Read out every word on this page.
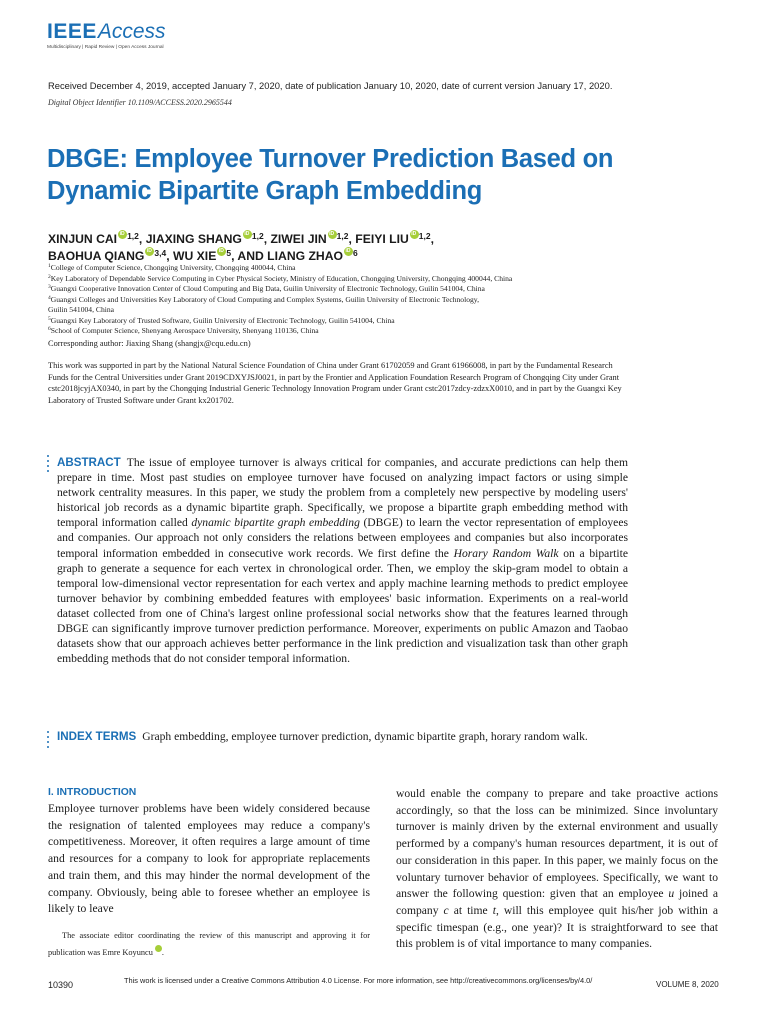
IEEEAccess
Multidisciplinary | Rapid Review | Open Access Journal
Received December 4, 2019, accepted January 7, 2020, date of publication January 10, 2020, date of current version January 17, 2020.
Digital Object Identifier 10.1109/ACCESS.2020.2965544
DBGE: Employee Turnover Prediction Based on
Dynamic Bipartite Graph Embedding
XINJUN CAI iD $^{1,2}$, JIAXING SHANG iD $^{1,2}$, ZIWEI JIN iD $^{1,2}$, FEIYI LIU iD $^{1,2}$,
BAOHUA QIANG iD $^{3,4}$, WU XIE iD $^5$, AND LIANG ZHAO iD $^6$
$^1$College of Computer Science, Chongqing University, Chongqing 400044, China
$^2$Key Laboratory of Dependable Service Computing in Cyber Physical Society, Ministry of Education, Chongqing University, Chongqing 400044, China
$^3$Guangxi Cooperative Innovation Center of Cloud Computing and Big Data, Guilin University of Electronic Technology, Guilin 541004, China
$^4$Guangxi Colleges and Universities Key Laboratory of Cloud Computing and Complex Systems, Guilin University of Electronic Technology,
Guilin 541004, China
$^5$Guangxi Key Laboratory of Trusted Software, Guilin University of Electronic Technology, Guilin 541004, China
$^6$School of Computer Science, Shenyang Aerospace University, Shenyang 110136, China
Corresponding author: Jiaxing Shang (shangjx@cqu.edu.cn)
This work was supported in part by the National Natural Science Foundation of China under Grant 61702059 and Grant 61966008, in part by the Fundamental Research Funds for the Central Universities under Grant 2019CDXYJSJ0021, in part by the Frontier and Application Foundation Research Program of Chongqing City under Grant cstc2018jcyjAX0340, in part by the Chongqing Industrial Generic Technology Innovation Program under Grant cstc2017zdcy-zdzxX0010, and in part by the Guangxi Key Laboratory of Trusted Software under Grant kx201702.
ABSTRACT The issue of employee turnover is always critical for companies, and accurate predictions can help them prepare in time. Most past studies on employee turnover have focused on analyzing impact factors or using simple network centrality measures. In this paper, we study the problem from a completely new perspective by modeling users' historical job records as a dynamic bipartite graph. Specifically, we propose a bipartite graph embedding method with temporal information called dynamic bipartite graph embedding (DBGE) to learn the vector representation of employees and companies. Our approach not only considers the relations between employees and companies but also incorporates temporal information embedded in consecutive work records. We first define the Horary Random Walk on a bipartite graph to generate a sequence for each vertex in chronological order. Then, we employ the skip-gram model to obtain a temporal low-dimensional vector representation for each vertex and apply machine learning methods to predict employee turnover behavior by combining embedded features with employees' basic information. Experiments on a real-world dataset collected from one of China's largest online professional social networks show that the features learned through DBGE can significantly improve turnover prediction performance. Moreover, experiments on public Amazon and Taobao datasets show that our approach achieves better performance in the link prediction and visualization task than other graph embedding methods that do not consider temporal information.
INDEX TERMS Graph embedding, employee turnover prediction, dynamic bipartite graph, horary random walk.
I. INTRODUCTION
Employee turnover problems have been widely considered because the resignation of talented employees may reduce a company's competitiveness. Moreover, it often requires a large amount of time and resources for a company to look for appropriate replacements and train them, and this may hinder the normal development of the company. Obviously, being able to foresee whether an employee is likely to leave
would enable the company to prepare and take proactive actions accordingly, so that the loss can be minimized. Since involuntary turnover is mainly driven by the external environment and usually performed by a company's human resources department, it is out of our consideration in this paper. In this paper, we mainly focus on the voluntary turnover behavior of employees. Specifically, we want to answer the following question: given that an employee u joined a company c at time t, will this employee quit his/her job within a specific timespan (e.g., one year)? It is straightforward to see that this problem is of vital importance to many companies.
The associate editor coordinating the review of this manuscript and approving it for publication was Emre Koyuncu .
10390	This work is licensed under a Creative Commons Attribution 4.0 License. For more information, see http://creativecommons.org/licenses/by/4.0/	VOLUME 8, 2020
